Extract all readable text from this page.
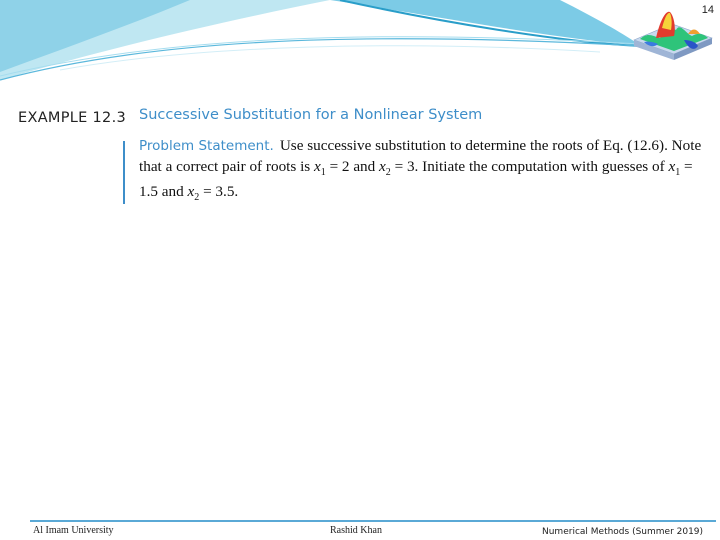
14
EXAMPLE 12.3 Successive Substitution for a Nonlinear System
Problem Statement. Use successive substitution to determine the roots of Eq. (12.6). Note that a correct pair of roots is $x_1 = 2$ and $x_2 = 3$. Initiate the computation with guesses of $x_1 = 1.5$ and $x_2 = 3.5$.
Al Imam University	Rashid Khan	Numerical Methods (Summer 2019)
